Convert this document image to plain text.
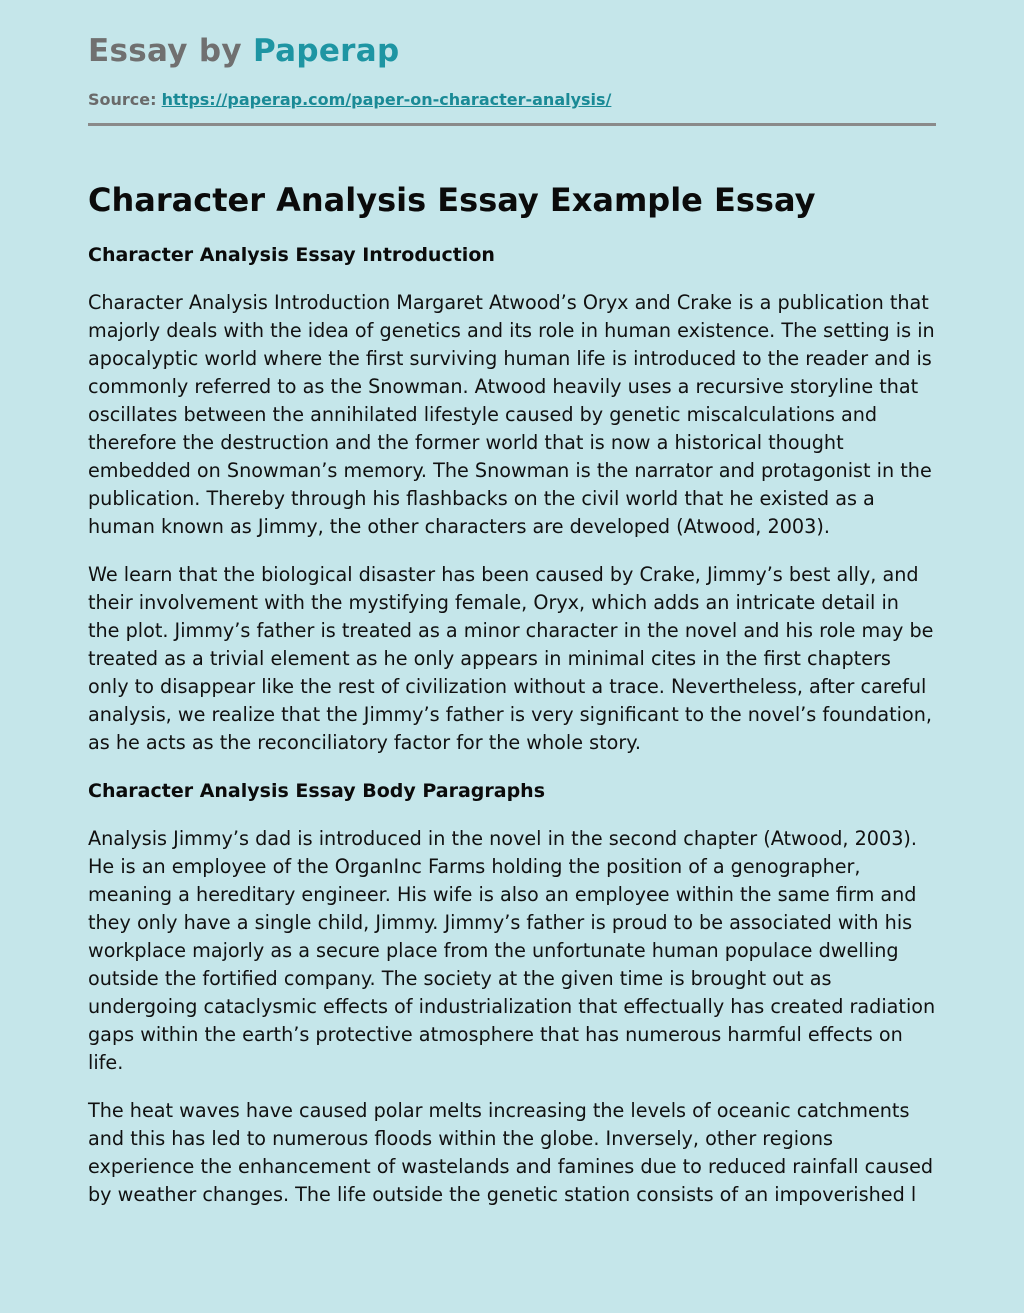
Essay by Paperap
Source: https://paperap.com/paper-on-character-analysis/
Character Analysis Essay Example Essay
Character Analysis Essay Introduction

Character Analysis Introduction Margaret Atwood’s Oryx and Crake is a publication that majorly deals with the idea of genetics and its role in human existence. The setting is in apocalyptic world where the first surviving human life is introduced to the reader and is commonly referred to as the Snowman. Atwood heavily uses a recursive storyline that oscillates between the annihilated lifestyle caused by genetic miscalculations and therefore the destruction and the former world that is now a historical thought embedded on Snowman’s memory. The Snowman is the narrator and protagonist in the publication. Thereby through his flashbacks on the civil world that he existed as a human known as Jimmy, the other characters are developed (Atwood, 2003).

We learn that the biological disaster has been caused by Crake, Jimmy’s best ally, and their involvement with the mystifying female, Oryx, which adds an intricate detail in the plot. Jimmy’s father is treated as a minor character in the novel and his role may be treated as a trivial element as he only appears in minimal cites in the first chapters only to disappear like the rest of civilization without a trace. Nevertheless, after careful analysis, we realize that the Jimmy’s father is very significant to the novel’s foundation, as he acts as the reconciliatory factor for the whole story.

Character Analysis Essay Body Paragraphs

Analysis Jimmy’s dad is introduced in the novel in the second chapter (Atwood, 2003). He is an employee of the OrganInc Farms holding the position of a genographer, meaning a hereditary engineer. His wife is also an employee within the same firm and they only have a single child, Jimmy. Jimmy’s father is proud to be associated with his workplace majorly as a secure place from the unfortunate human populace dwelling outside the fortified company. The society at the given time is brought out as undergoing cataclysmic effects of industrialization that effectually has created radiation gaps within the earth’s protective atmosphere that has numerous harmful effects on life.

The heat waves have caused polar melts increasing the levels of oceanic catchments and this has led to numerous floods within the globe. Inversely, other regions experience the enhancement of wastelands and famines due to reduced rainfall caused by weather changes. The life outside the genetic station consists of an impoverished l
